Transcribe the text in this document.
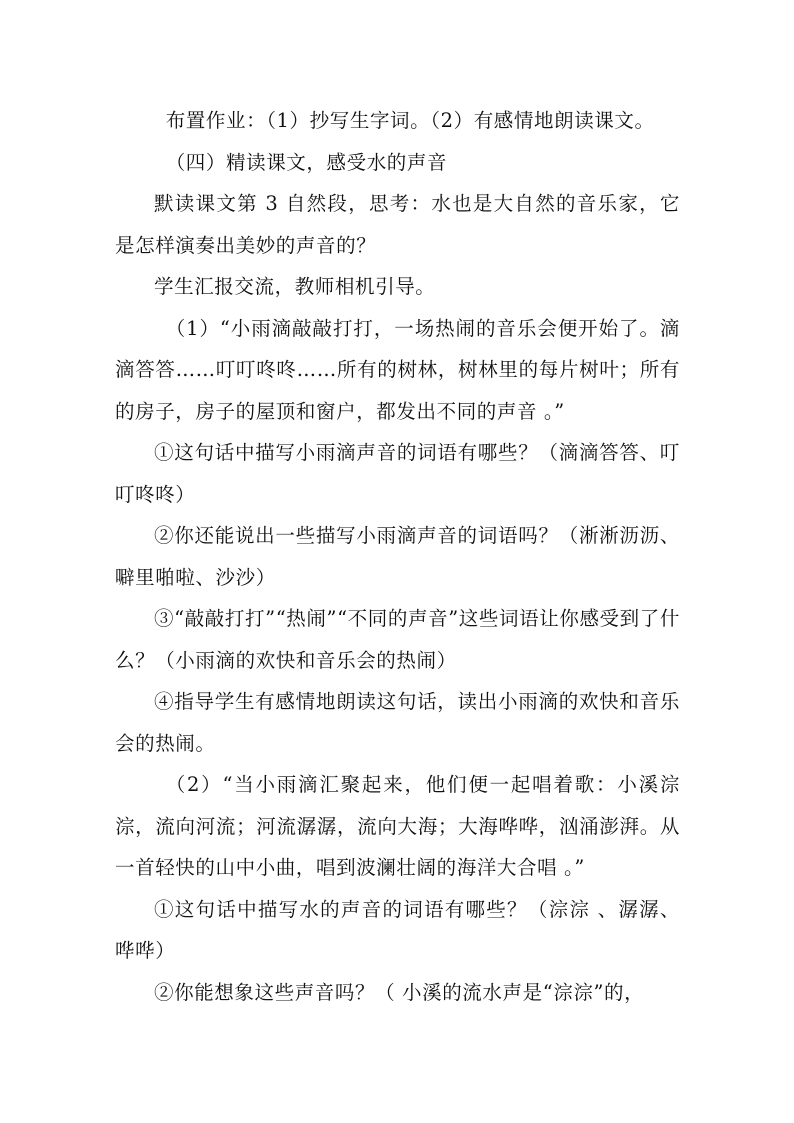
布置作业：（1）抄写生字词。（2）有感情地朗读课文。

（四）精读课文，感受水的声音

默读课文第 3 自然段，思考：水也是大自然的音乐家，它是怎样演奏出美妙的声音的？

学生汇报交流，教师相机引导。

（1）“小雨滴敲敲打打，一场热闹的音乐会便开始了。滴滴答答……叮叮咚咚……所有的树林，树林里的每片树叶；所有的房子，房子的屋顶和窗户，都发出不同的声音 。”

①这句话中描写小雨滴声音的词语有哪些？（滴滴答答、叮叮咚咚）

②你还能说出一些描写小雨滴声音的词语吗？（淅淅沥沥、噼里啪啦、沙沙）

③“敲敲打打”“热闹”“不同的声音”这些词语让你感受到了什么？（小雨滴的欢快和音乐会的热闹）

④指导学生有感情地朗读这句话，读出小雨滴的欢快和音乐会的热闹。

（2）“当小雨滴汇聚起来，他们便一起唱着歌：小溪淙淙，流向河流；河流潺潺，流向大海；大海哗哗，汹涌澎湃。从一首轻快的山中小曲，唱到波澜壮阔的海洋大合唱 。”

①这句话中描写水的声音的词语有哪些？（淙淙 、潺潺、哗哗）

②你能想象这些声音吗？（ 小溪的流水声是“淙淙”的，
